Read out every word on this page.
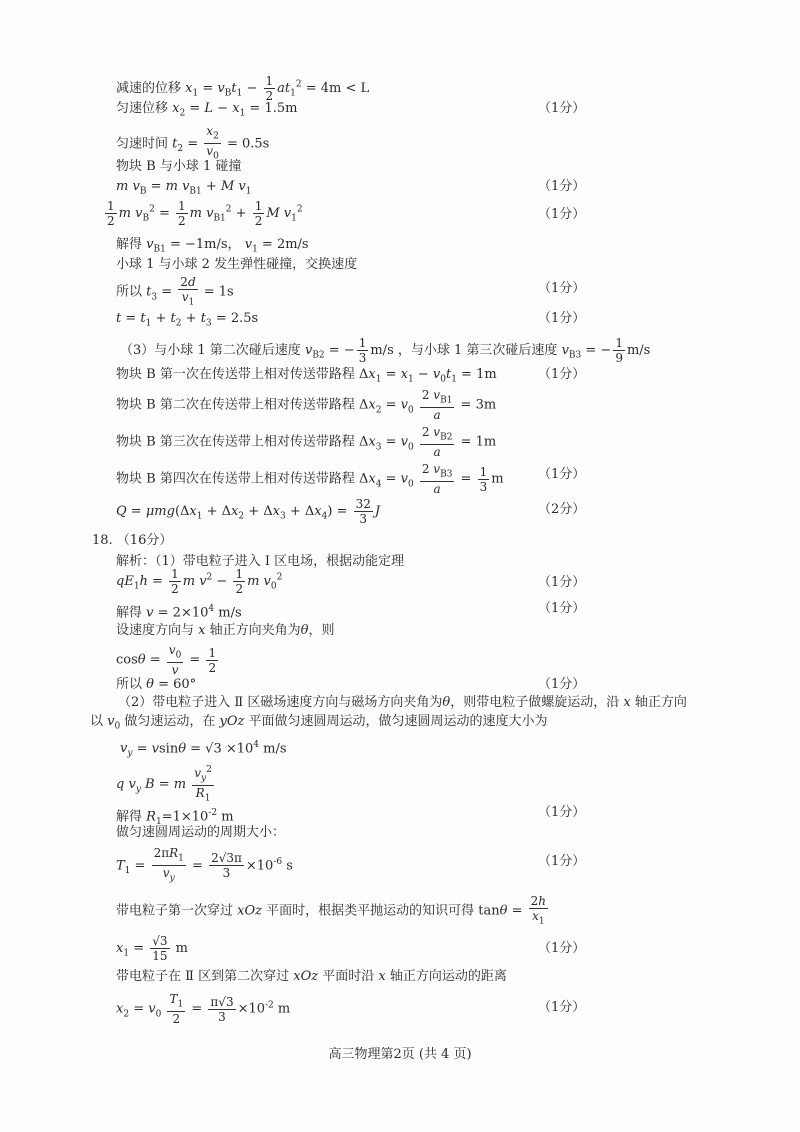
减速的位移 $x_1 = v_Bt_1 - \frac{1}{2} at_1^2 = 4m < L$
匀速位移 $x_2 = L - x_1 = 1.5m$	（1分）
匀速时间 $t_2 = \frac{x_2}{v_0} = 0.5s$
物块 B 与小球 1 碰撞
m $v_B = m$ $v_{B1} + M$ $v_1$	（1分）
$\frac{1}{2}$ m $v_B^2 = \frac{1}{2}$ m $v_{B1}^2 + \frac{1}{2}$ M $v_1^2$	（1分）
解得 $v_{B1} = -1m/s$， $v_1 = 2m/s$
小球 1 与小球 2 发生弹性碰撞，交换速度
所以 $t_3 = \frac{2d}{v_1} = 1s$	（1分）
$t = t_1 + t_2 + t_3 = 2.5s$	（1分）
（3）与小球 1 第二次碰后速度 $v_{B2}$ = − $\frac{1}{3} m/s$ ，与小球 1 第三次碰后速度 $v_{B3}$ = − $\frac{1}{9} m/s$
物块 B 第一次在传送带上相对传送带路程 $\Delta x_1 = x_1 - v_0t_1 = 1m$	（1分）
物块 B 第二次在传送带上相对传送带路程 $\Delta x_2 = v_0 \frac{2 v_{B1}}{a} = 3m$
物块 B 第三次在传送带上相对传送带路程 $\Delta x_3 = v_0 \frac{2 v_{B2}}{a} = 1m$
物块 B 第四次在传送带上相对传送带路程 $\Delta x_4 = v_0 \frac{2 v_{B3}}{a} = \frac{1}{3}$ m	（1分）
$Q = \mu mg(\Delta x_1 + \Delta x_2 + \Delta x_3 + \Delta x_4) = \frac{32}{3}$ J	（2分）
18. （16分）
解析：（1）带电粒子进入 Ⅰ 区电场，根据动能定理
$qE_1h = \frac{1}{2}$ m $v^2 - \frac{1}{2}$ m $v_0^2$	（1分）
解得 $v = 2\times 10^4$ m/s	（1分）
设速度方向与 x 轴正方向夹角为θ，则
$\cos\theta = \frac{v_0}{v} = \frac{1}{2}$
所以 θ = 60°	（1分）
（2）带电粒子进入 Ⅱ 区磁场速度方向与磁场方向夹角为θ，则带电粒子做螺旋运动，沿 x 轴正方向
以 $v_0$ 做匀速运动，在 yOz 平面做匀速圆周运动，做匀速圆周运动的速度大小为
$v_y = vsin\theta = √3 \times 10^4$ m/s
q $v_y$ B = m $\frac{v_y^2}{R_1}$
解得 $R_1=1\times 10^{-2}$ m	（1分）
做匀速圆周运动的周期大小：
$T_1 = \frac{2\pi R_1}{v_y} = \frac{2√3\pi}{3} \times 10^{-6}$ s	（1分）
带电粒子第一次穿过 xOz 平面时，根据类平抛运动的知识可得 $\tan\theta = \frac{2h}{x_1}$
$x_1 = \frac{√3}{15}$ m	（1分）
带电粒子在 Ⅱ 区到第二次穿过 xOz 平面时沿 x 轴正方向运动的距离
$x_2 = v_0 \frac{T_1}{2} = \frac{\pi√3}{3} \times 10^{-2}$ m	（1分）
高三物理第2页 (共 4 页)
